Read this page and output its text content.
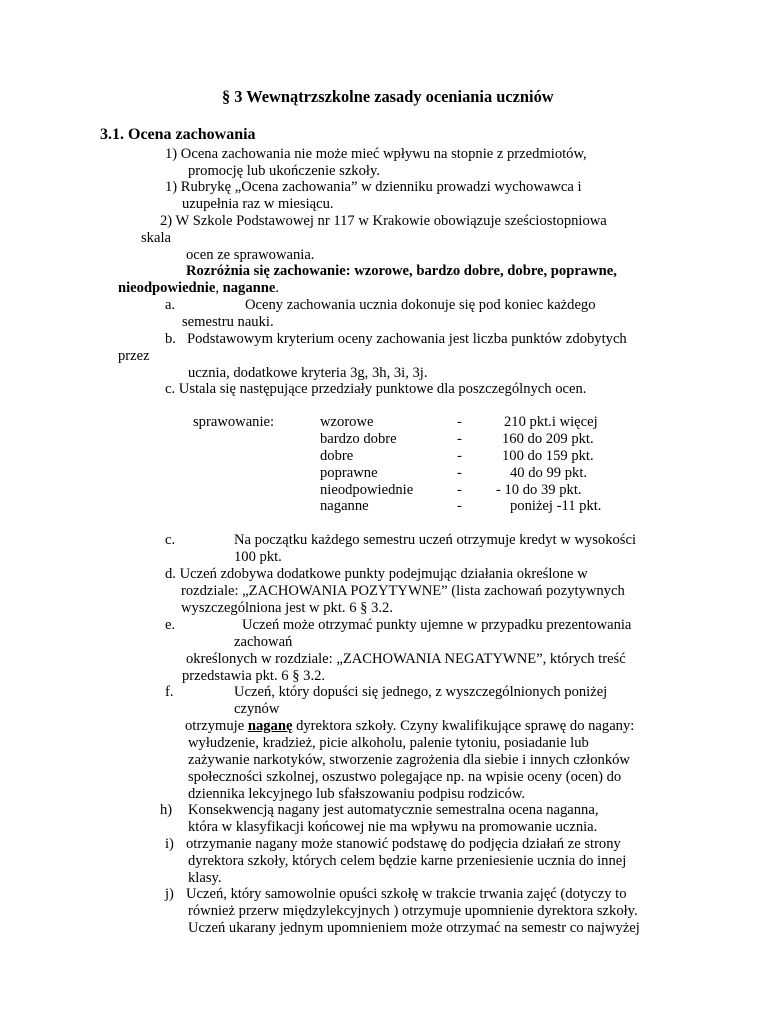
§ 3 Wewnątrzszkolne zasady oceniania uczniów
3.1. Ocena zachowania
1) Ocena zachowania nie może mieć wpływu na stopnie z przedmiotów,
promocję lub ukończenie szkoły.
1) Rubrykę „Ocena zachowania” w dzienniku prowadzi wychowawca i
uzupełnia raz w miesiącu.
2) W Szkole Podstawowej nr 117 w Krakowie obowiązuje sześciostopniowa
skala
ocen ze sprawowania.
Rozróżnia się zachowanie: wzorowe, bardzo dobre, dobre, poprawne,
nieodpowiednie, naganne.
a.	Oceny zachowania ucznia dokonuje się pod koniec każdego
semestru nauki.
b. Podstawowym kryterium oceny zachowania jest liczba punktów zdobytych
przez
ucznia, dodatkowe kryteria 3g, 3h, 3i, 3j.
c. Ustala się następujące przedziały punktowe dla poszczególnych ocen.
sprawowanie:	wzorowe	-	210 pkt.i więcej
bardzo dobre	-	160 do 209 pkt.
dobre	-	100 do 159 pkt.
poprawne	-	40 do 99 pkt.
nieodpowiednie	- - 10 do 39 pkt.
naganne	-	poniżej -11 pkt.
c.	Na początku każdego semestru uczeń otrzymuje kredyt w wysokości
100 pkt.
d. Uczeń zdobywa dodatkowe punkty podejmując działania określone w
rozdziale: „ZACHOWANIA POZYTYWNE” (lista zachowań pozytywnych
wyszczególniona jest w pkt. 6 § 3.2.
e.	Uczeń może otrzymać punkty ujemne w przypadku prezentowania
zachowań
określonych w rozdziale: „ZACHOWANIA NEGATYWNE”, których treść
przedstawia pkt. 6 § 3.2.
f.	Uczeń, który dopuści się jednego, z wyszczególnionych poniżej
czynów
otrzymuje naganę dyrektora szkoły. Czyny kwalifikujące sprawę do nagany:
wyłudzenie, kradzież, picie alkoholu, palenie tytoniu, posiadanie lub
zażywanie narkotyków, stworzenie zagrożenia dla siebie i innych członków
społeczności szkolnej, oszustwo polegające np. na wpisie oceny (ocen) do
dziennika lekcyjnego lub sfałszowaniu podpisu rodziców.
h) Konsekwencją nagany jest automatycznie semestralna ocena naganna,
która w klasyfikacji końcowej nie ma wpływu na promowanie ucznia.
i) otrzymanie nagany może stanowić podstawę do podjęcia działań ze strony
dyrektora szkoły, których celem będzie karne przeniesienie ucznia do innej
klasy.
j) Uczeń, który samowolnie opuści szkołę w trakcie trwania zajęć (dotyczy to
również przerw międzylekcyjnych ) otrzymuje upomnienie dyrektora szkoły.
Uczeń ukarany jednym upomnieniem może otrzymać na semestr co najwyżej
